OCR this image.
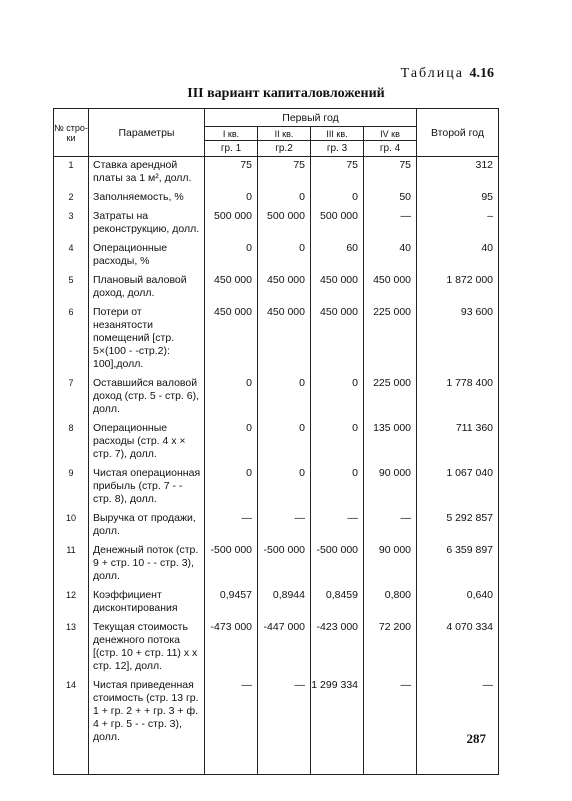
Таблица 4.16
III вариант капиталовложений
№ стро-ки	Параметры	Первый год				Второй год
		I кв.	II кв.	III кв.	IV кв	
		гр. 1	гр.2	гр. 3	гр. 4	
1	Ставка арендной платы за 1 м², долл.	75	75	75	75	312
2	Заполняемость, %	0	0	0	50	95
3	Затраты на реконструкцию, долл.	500 000	500 000	500 000	—	–
4	Операционные расходы, %	0	0	60	40	40
5	Плановый валовой доход, долл.	450 000	450 000	450 000	450 000	1 872 000
6	Потери от незанятости помещений [стр. 5×(100 - -стр.2): 100],долл.	450 000	450 000	450 000	225 000	93 600
7	Оставшийся валовой доход (стр. 5 - стр. 6), долл.	0	0	0	225 000	1 778 400
8	Операционные расходы (стр. 4 х × стр. 7), долл.	0	0	0	135 000	711 360
9	Чистая операционная прибыль (стр. 7 - - стр. 8), долл.	0	0	0	90 000	1 067 040
10	Выручка от продажи, долл.	—	—	—	—	5 292 857
11	Денежный поток (стр. 9 + стр. 10 - - стр. 3), долл.	-500 000	-500 000	-500 000	90 000	6 359 897
12	Коэффициент дисконтирования	0,9457	0,8944	0,8459	0,800	0,640
13	Текущая стоимость денежного потока [(стр. 10 + стр. 11) х х стр. 12], долл.	-473 000	-447 000	-423 000	72 200	4 070 334
14	Чистая приведенная стоимость (стр. 13 гр. 1 + гр. 2 + + гр. 3 + ф. 4 + гр. 5 - - стр. 3), долл.	—	—	1 299 334	—	—

287
